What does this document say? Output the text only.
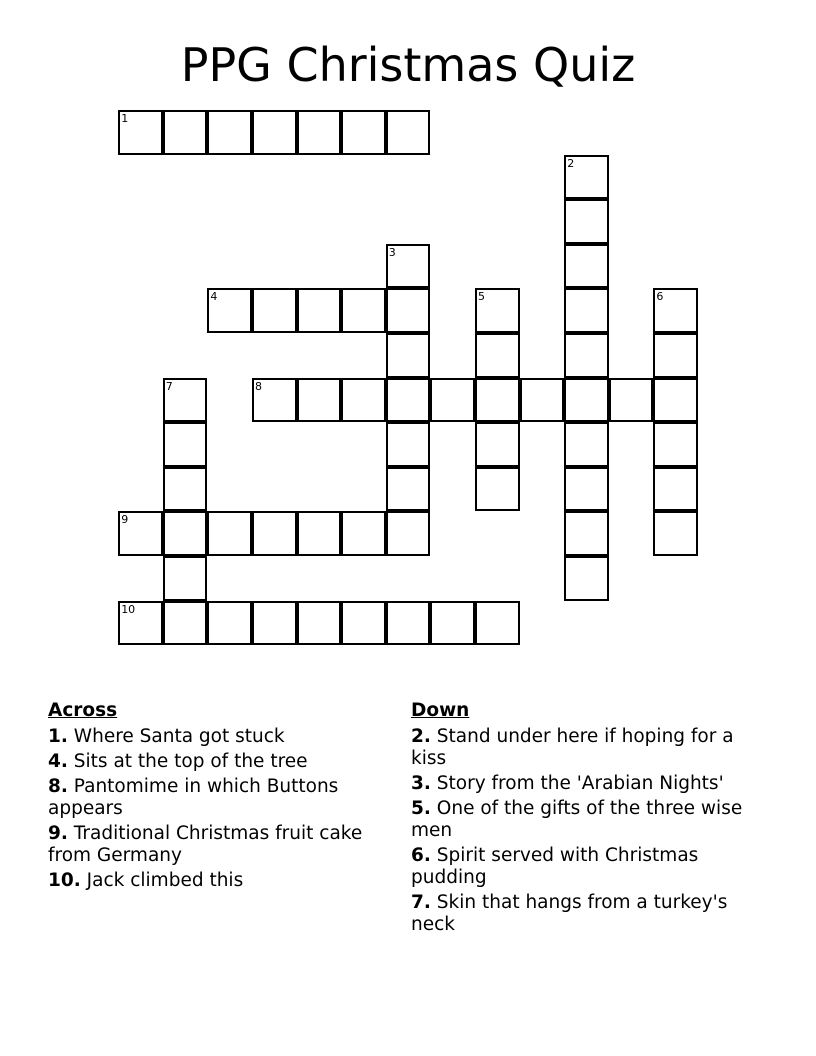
PPG Christmas Quiz
1
2
3
4	5	6
7	8
9
10
Across
1. Where Santa got stuck
4. Sits at the top of the tree
8. Pantomime in which Buttons appears
9. Traditional Christmas fruit cake from Germany
10. Jack climbed this
Down
2. Stand under here if hoping for a kiss
3. Story from the 'Arabian Nights'
5. One of the gifts of the three wise men
6. Spirit served with Christmas pudding
7. Skin that hangs from a turkey's neck
